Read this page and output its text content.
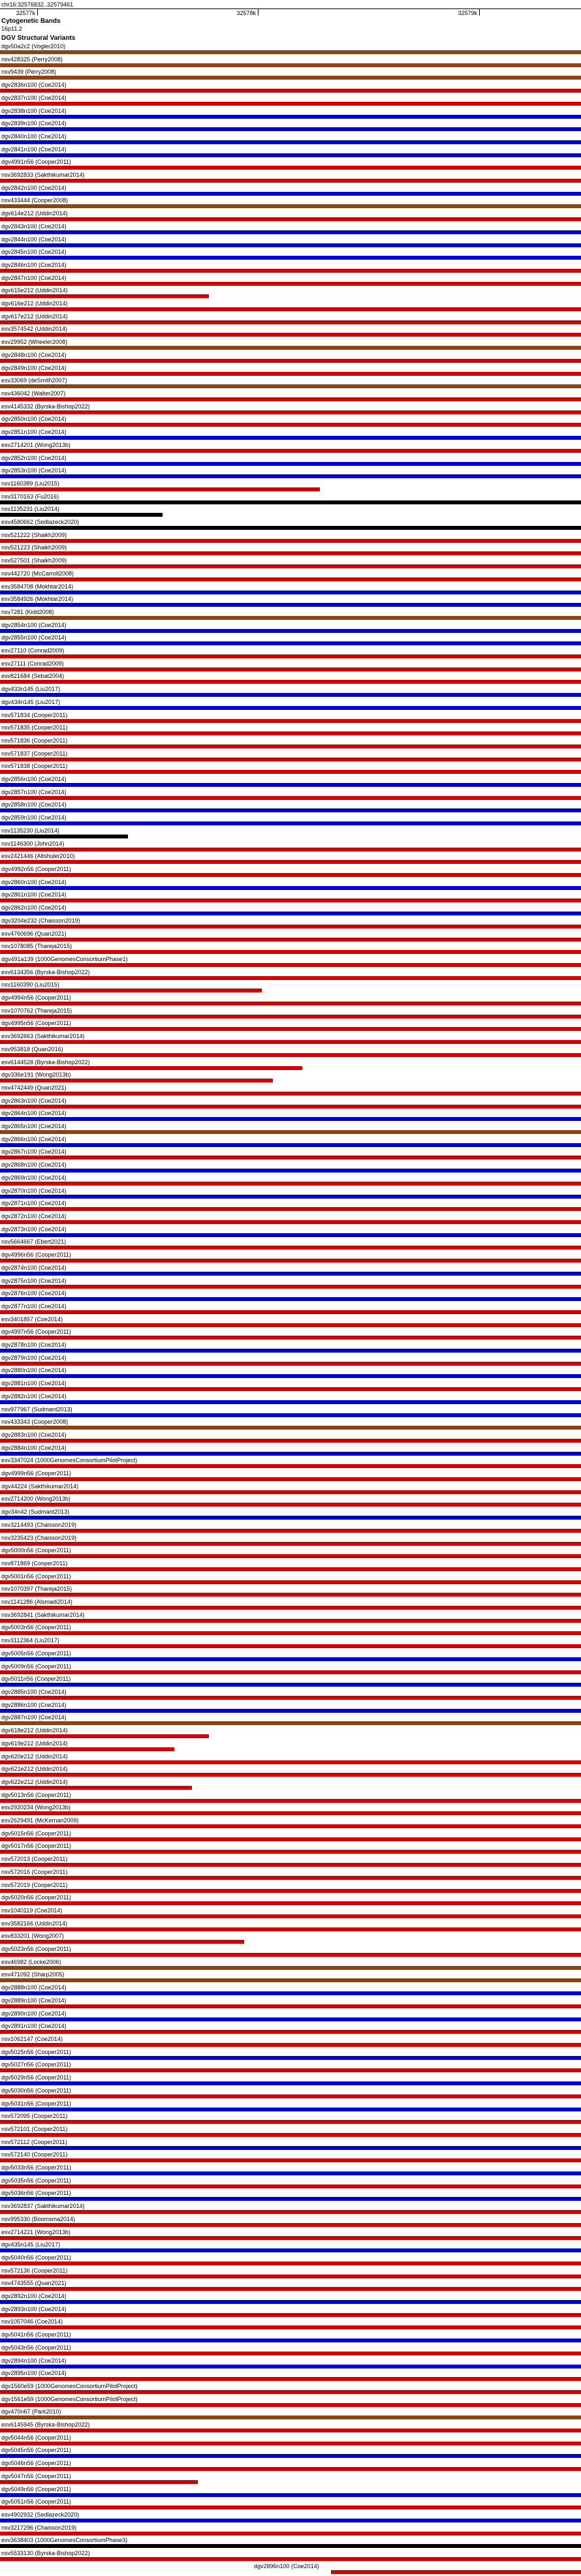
chr16:32576832..32579461
32577k	32578k	32579k
Cytogenetic Bands
16p11.2
DGV Structural Variants
dgv50a2c2 (Vogler2010)
nsv428325 (Perry2008)
nsv9439 (Perry2008)
dgv2836n100 (Coe2014)
dgv2837n100 (Coe2014)
dgv2838n100 (Coe2014)
dgv2839n100 (Coe2014)
dgv2840n100 (Coe2014)
dgv2841n100 (Coe2014)
dgv4991n56 (Cooper2011)
nsv3692833 (Sakthikumar2014)
dgv2842n100 (Coe2014)
nsv433444 (Cooper2008)
dgv614e212 (Uddin2014)
dgv2843n100 (Coe2014)
dgv2844n100 (Coe2014)
dgv2845n100 (Coe2014)
dgv2846n100 (Coe2014)
dgv2847n100 (Coe2014)
dgv615e212 (Uddin2014)
dgv616e212 (Uddin2014)
dgv617e212 (Uddin2014)
esv3574542 (Uddin2014)
esv29952 (Wheeler2008)
dgv2848n100 (Coe2014)
dgv2849n100 (Coe2014)
esv33069 (deSmith2007)
nsv436042 (Walter2007)
esv4145332 (Byrska-Bishop2022)
dgv2850n100 (Coe2014)
dgv2851n100 (Coe2014)
esv2714201 (Wong2013b)
dgv2852n100 (Coe2014)
dgv2853n100 (Coe2014)
nsv1160389 (Liu2015)
nsv3170163 (Fu2016)
nsv1135231 (Liu2014)
esv4580662 (Sedlazeck2020)
nsv521222 (Shaikh2009)
nsv521223 (Shaikh2009)
nsv527501 (Shaikh2009)
nsv442720 (McCarroll2008)
esv3584708 (Mokhtar2014)
esv3584926 (Mokhtar2014)
nsv7281 (Kidd2008)
dgv2854n100 (Coe2014)
dgv2855n100 (Coe2014)
esv27110 (Conrad2009)
esv27111 (Conrad2009)
esv821684 (Sebat2004)
dgv433n145 (Liu2017)
dgv434n145 (Liu2017)
nsv571834 (Cooper2011)
nsv571835 (Cooper2011)
nsv571836 (Cooper2011)
nsv571837 (Cooper2011)
nsv571838 (Cooper2011)
dgv2856n100 (Coe2014)
dgv2857n100 (Coe2014)
dgv2858n100 (Coe2014)
dgv2859n100 (Coe2014)
nsv1135230 (Liu2014)
nsv1146300 (John2014)
esv2421446 (Altshuler2010)
dgv4992n56 (Cooper2011)
dgv2860n100 (Coe2014)
dgv2861n100 (Coe2014)
dgv2862n100 (Coe2014)
dgv3204e232 (Chaisson2019)
esv4760696 (Quan2021)
nsv1078085 (Thareja2015)
dgv491a139 (1000GenomesConsortiumPhase1)
esv6134356 (Byrska-Bishop2022)
nsv1160390 (Liu2015)
dgv4994n56 (Cooper2011)
nsv1070762 (Thareja2015)
dgv4995n56 (Cooper2011)
esv3692663 (Sakthikumar2014)
nsv953818 (Quan2016)
esv6144528 (Byrska-Bishop2022)
dgv336e191 (Wong2013b)
nsv4742449 (Quan2021)
dgv2863n100 (Coe2014)
dgv2864n100 (Coe2014)
dgv2865n100 (Coe2014)
dgv2866n100 (Coe2014)
dgv2867n100 (Coe2014)
dgv2868n100 (Coe2014)
dgv2869n100 (Coe2014)
dgv2870n100 (Coe2014)
dgv2871n100 (Coe2014)
dgv2872n100 (Coe2014)
dgv2873n100 (Coe2014)
nsv5664667 (Ebert2021)
dgv4996n56 (Cooper2011)
dgv2874n100 (Coe2014)
dgv2875n100 (Coe2014)
dgv2876n100 (Coe2014)
dgv2877n100 (Coe2014)
esv3401857 (Coe2014)
dgv4997n56 (Cooper2011)
dgv2878n100 (Coe2014)
dgv2879n100 (Coe2014)
dgv2880n100 (Coe2014)
dgv2881n100 (Coe2014)
dgv2882n100 (Coe2014)
nsv977967 (Sudmant2013)
nsv433343 (Cooper2008)
dgv2883n100 (Coe2014)
dgv2884n100 (Coe2014)
esv3347024 (1000GenomesConsortiumPilotProject)
dgv4999n56 (Cooper2011)
dgv44224 (Sakthikumar2014)
esv2714200 (Wong2013b)
dgv34n42 (Sudmant2013)
nsv3214493 (Chaisson2019)
nsv3235423 (Chaisson2019)
dgv5000n56 (Cooper2011)
nsv871869 (Cooper2011)
dgv5001n56 (Cooper2011)
nsv1070397 (Thareja2015)
nsv1141286 (Alsmadi2014)
nsv3692841 (Sakthikumar2014)
dgv5003n56 (Cooper2011)
nsv3112364 (Liu2017)
dgv5005n56 (Cooper2011)
dgv5009n56 (Cooper2011)
dgv5011n56 (Cooper2011)
dgv2885n100 (Coe2014)
dgv2886n100 (Coe2014)
dgv2887n100 (Coe2014)
dgv618e212 (Uddin2014)
dgv619e212 (Uddin2014)
dgv620e212 (Uddin2014)
dgv621e212 (Uddin2014)
dgv622e212 (Uddin2014)
dgv5013n56 (Cooper2011)
esv2920234 (Wong2013b)
esv2629491 (McKernan2009)
dgv5015n56 (Cooper2011)
dgv5017n56 (Cooper2011)
nsv572013 (Cooper2011)
nsv572016 (Cooper2011)
nsv572019 (Cooper2011)
dgv5020n56 (Cooper2011)
nsv1040119 (Coe2014)
esv3582166 (Uddin2014)
esv833201 (Wong2007)
dgv5023n56 (Cooper2011)
esv46982 (Locke2006)
esv471092 (Sharp2005)
dgv2888n100 (Coe2014)
dgv2889n100 (Coe2014)
dgv2890n100 (Coe2014)
dgv2891n100 (Coe2014)
nsv1062147 (Coe2014)
dgv5025n56 (Cooper2011)
dgv5027n56 (Cooper2011)
dgv5029n56 (Cooper2011)
dgv5030n56 (Cooper2011)
dgv5031n56 (Cooper2011)
nsv572095 (Cooper2011)
nsv572101 (Cooper2011)
nsv572112 (Cooper2011)
nsv572140 (Cooper2011)
dgv5033n56 (Cooper2011)
dgv5035n56 (Cooper2011)
dgv5036n56 (Cooper2011)
nsv3692837 (Sakthikumar2014)
nsv995330 (Boomsma2014)
esv2714221 (Wong2013b)
dgv435n145 (Liu2017)
dgv5040n56 (Cooper2011)
nsv572136 (Cooper2011)
nsv4743555 (Quan2021)
dgv2892n100 (Coe2014)
dgv2893n100 (Coe2014)
nsv1057046 (Coe2014)
dgv5041n56 (Cooper2011)
dgv5043n56 (Cooper2011)
dgv2894n100 (Coe2014)
dgv2895n100 (Coe2014)
dgv1560e59 (1000GenomesConsortiumPilotProject)
dgv1561e59 (1000GenomesConsortiumPilotProject)
dgv470n67 (Park2010)
esv6145945 (Byrska-Bishop2022)
dgv5044n56 (Cooper2011)
dgv5045n56 (Cooper2011)
dgv5046n56 (Cooper2011)
dgv5047n56 (Cooper2011)
dgv5049n56 (Cooper2011)
dgv5051n56 (Cooper2011)
esv4902932 (Sedlazeck2020)
nsv3217296 (Chaisson2019)
esv3638403 (1000GenomesConsortiumPhase3)
nsv5533130 (Byrska-Bishop2022)
dgv2896n100 (Coe2014)
